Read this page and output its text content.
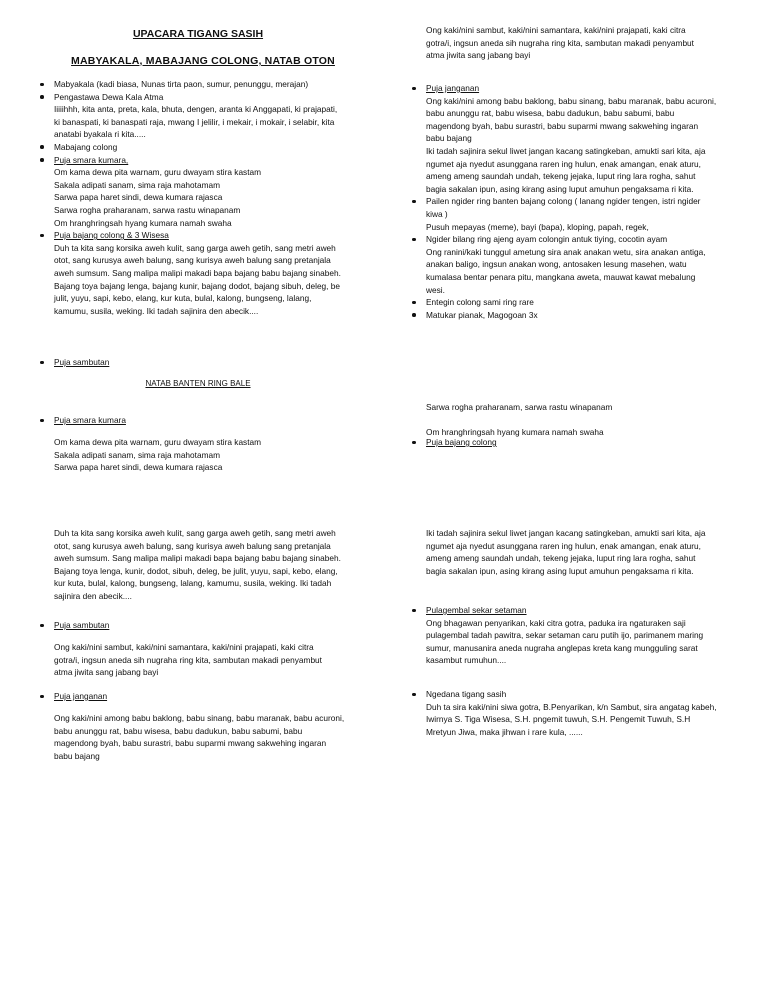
UPACARA TIGANG SASIH
MABYAKALA, MABAJANG COLONG, NATAB OTON
Mabyakala (kadi biasa, Nunas tirta paon, sumur, penunggu, merajan)
Pengastawa Dewa Kala Atma
Iiiiihhh, kita anta, preta, kala, bhuta, dengen, aranta ki Anggapati, ki prajapati,
ki banaspati, ki banaspati raja, mwang I jelilir, i mekair, i mokair, i selabir, kita
anatabi byakala ri kita.....
Mabajang colong
Puja smara kumara,
Om kama dewa pita warnam, guru dwayam stira kastam
Sakala adipati sanam, sima raja mahotamam
Sarwa papa haret sindi, dewa kumara rajasca
Sarwa rogha praharanam, sarwa rastu winapanam
Om hranghringsah hyang kumara namah swaha
Puja bajang colong & 3 Wisesa
Duh ta kita sang korsika aweh kulit, sang garga aweh getih, sang metri aweh
otot, sang kurusya aweh balung, sang kurisya aweh balung sang pretanjala
aweh sumsum. Sang malipa malipi makadi bapa bajang babu bajang sinabeh.
Bajang toya bajang lenga, bajang kunir, bajang dodot, bajang sibuh, deleg, be
julit, yuyu, sapi, kebo, elang, kur kuta, bulal, kalong, bungseng, lalang,
kamumu, susila, weking. Iki tadah sajinira den abecik....
Puja sambutan
NATAB BANTEN RING BALE
Puja smara kumara
Om kama dewa pita warnam, guru dwayam stira kastam
Sakala adipati sanam, sima raja mahotamam
Sarwa papa haret sindi, dewa kumara rajasca
Duh ta kita sang korsika aweh kulit, sang garga aweh getih, sang metri aweh
otot, sang kurusya aweh balung, sang kurisya aweh balung sang pretanjala
aweh sumsum. Sang malipa malipi makadi bapa bajang babu bajang sinabeh.
Bajang toya lenga, kunir, dodot, sibuh, deleg, be julit, yuyu, sapi, kebo, elang,
kur kuta, bulal, kalong, bungseng, lalang, kamumu, susila, weking. Iki tadah
sajinira den abecik....
Puja sambutan
Ong kaki/nini sambut, kaki/nini samantara, kaki/nini prajapati, kaki citra
gotra/i, ingsun aneda sih nugraha ring kita, sambutan makadi penyambut
atma jiwita sang jabang bayi
Puja janganan
Ong kaki/nini among babu baklong, babu sinang, babu maranak, babu acuroni,
babu anunggu rat, babu wisesa, babu dadukun, babu sabumi, babu
magendong byah, babu surastri, babu suparmi mwang sakwehing ingaran
babu bajang
Ong kaki/nini sambut, kaki/nini samantara, kaki/nini prajapati, kaki citra
gotra/i, ingsun aneda sih nugraha ring kita, sambutan makadi penyambut
atma jiwita sang jabang bayi
Puja janganan
Ong kaki/nini among babu baklong, babu sinang, babu maranak, babu acuroni,
babu anunggu rat, babu wisesa, babu dadukun, babu sabumi, babu
magendong byah, babu surastri, babu suparmi mwang sakwehing ingaran
babu bajang
Iki tadah sajinira sekul liwet jangan kacang satingkeban, amukti sari kita, aja
ngumet aja nyedut asunggana raren ing hulun, enak amangan, enak aturu,
ameng ameng saundah undah, tekeng jejaka, luput ring lara rogha, sahut
bagia sakalan ipun, asing kirang asing luput amuhun pengaksama ri kita.
Pailen ngider ring banten bajang colong ( lanang ngider tengen, istri ngider
kiwa )
Pusuh mepayas (meme), bayi (bapa), kloping, papah, regek,
Ngider bilang ring ajeng ayam colongin antuk tiying, cocotin ayam
Ong ranini/kaki tunggul ametung sira anak anakan wetu, sira anakan antiga,
anakan baligo, ingsun anakan wong, antosaken lesung masehen, watu
kumalasa bentar penara pitu, mangkana aweta, mauwat kawat mebalung
wesi.
Entegin colong sami ring rare
Matukar pianak, Magogoan 3x
Sarwa rogha praharanam, sarwa rastu winapanam

Om hranghringsah hyang kumara namah swaha
Puja bajang colong
Iki tadah sajinira sekul liwet jangan kacang satingkeban, amukti sari kita, aja
ngumet aja nyedut asunggana raren ing hulun, enak amangan, enak aturu,
ameng ameng saundah undah, tekeng jejaka, luput ring lara rogha, sahut
bagia sakalan ipun, asing kirang asing luput amuhun pengaksama ri kita.
Pulagembal sekar setaman
Ong bhagawan penyarikan, kaki citra gotra, paduka ira ngaturaken saji
pulagembal tadah pawitra, sekar setaman caru putih ijo, parimanem maring
sumur, manusanira aneda nugraha anglepas kreta kang mungguling sarat
kasambut rumuhun....
Ngedana tigang sasih
Duh ta sira kaki/nini siwa gotra, B.Penyarikan, k/n Sambut, sira angatag kabeh,
Iwirnya S. Tiga Wisesa, S.H. pngemit tuwuh, S.H. Pengemit Tuwuh, S.H
Mretyun Jiwa, maka jihwan i rare kula, ......
